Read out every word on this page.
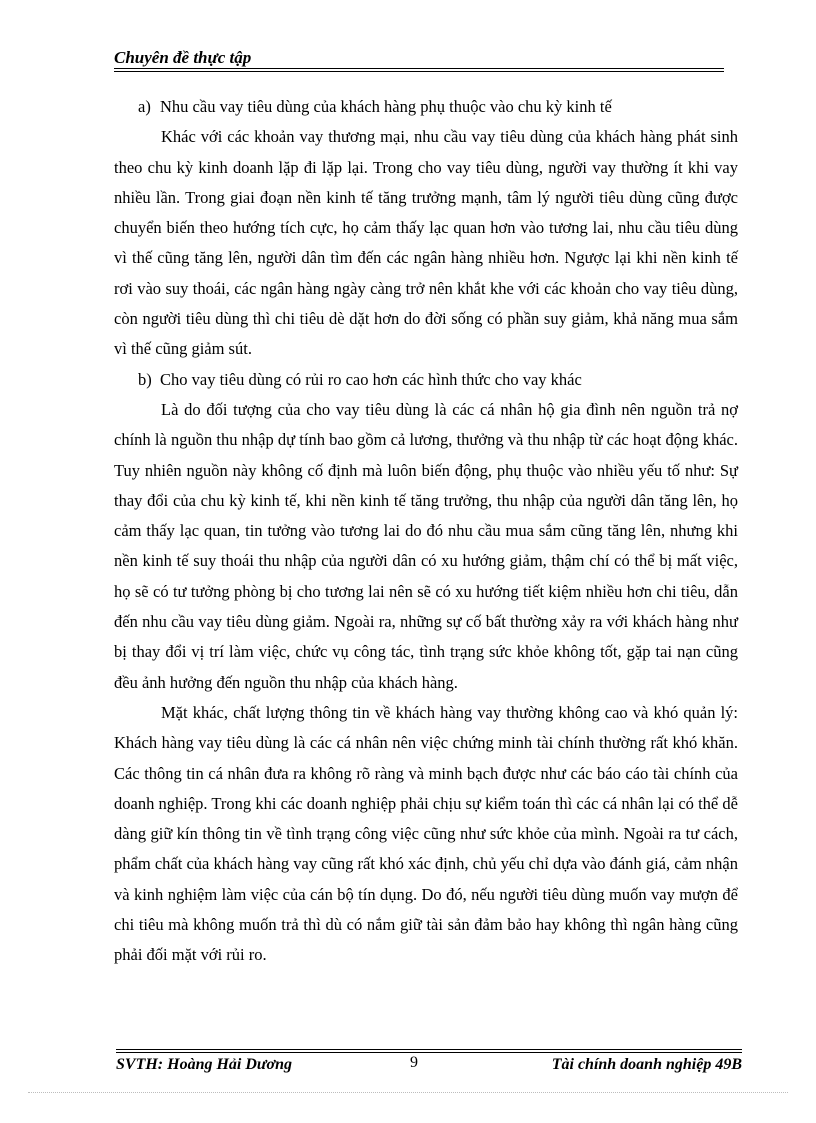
Chuyên đề thực tập

a) Nhu cầu vay tiêu dùng của khách hàng phụ thuộc vào chu kỳ kinh tế

Khác với các khoản vay thương mại, nhu cầu vay tiêu dùng của khách hàng phát sinh theo chu kỳ kinh doanh lặp đi lặp lại. Trong cho vay tiêu dùng, người vay thường ít khi vay nhiều lần. Trong giai đoạn nền kinh tế tăng trưởng mạnh, tâm lý người tiêu dùng cũng được chuyển biến theo hướng tích cực, họ cảm thấy lạc quan hơn vào tương lai, nhu cầu tiêu dùng vì thế cũng tăng lên, người dân tìm đến các ngân hàng nhiều hơn. Ngược lại khi nền kinh tế rơi vào suy thoái, các ngân hàng ngày càng trở nên khắt khe với các khoản cho vay tiêu dùng, còn người tiêu dùng thì chi tiêu dè dặt hơn do đời sống có phần suy giảm, khả năng mua sắm vì thế cũng giảm sút.

b) Cho vay tiêu dùng có rủi ro cao hơn các hình thức cho vay khác

Là do đối tượng của cho vay tiêu dùng là các cá nhân hộ gia đình nên nguồn trả nợ chính là nguồn thu nhập dự tính bao gồm cả lương, thưởng và thu nhập từ các hoạt động khác. Tuy nhiên nguồn này không cố định mà luôn biến động, phụ thuộc vào nhiều yếu tố như: Sự thay đổi của chu kỳ kinh tế, khi nền kinh tế tăng trưởng, thu nhập của người dân tăng lên, họ cảm thấy lạc quan, tin tưởng vào tương lai do đó nhu cầu mua sắm cũng tăng lên, nhưng khi nền kinh tế suy thoái thu nhập của người dân có xu hướng giảm, thậm chí có thể bị mất việc, họ sẽ có tư tưởng phòng bị cho tương lai nên sẽ có xu hướng tiết kiệm nhiều hơn chi tiêu, dẫn đến nhu cầu vay tiêu dùng giảm. Ngoài ra, những sự cố bất thường xảy ra với khách hàng như bị thay đổi vị trí làm việc, chức vụ công tác, tình trạng sức khỏe không tốt, gặp tai nạn cũng đều ảnh hưởng đến nguồn thu nhập của khách hàng.

Mặt khác, chất lượng thông tin về khách hàng vay thường không cao và khó quản lý: Khách hàng vay tiêu dùng là các cá nhân nên việc chứng minh tài chính thường rất khó khăn. Các thông tin cá nhân đưa ra không rõ ràng và minh bạch được như các báo cáo tài chính của doanh nghiệp. Trong khi các doanh nghiệp phải chịu sự kiểm toán thì các cá nhân lại có thể dễ dàng giữ kín thông tin về tình trạng công việc cũng như sức khỏe của mình. Ngoài ra tư cách, phẩm chất của khách hàng vay cũng rất khó xác định, chủ yếu chỉ dựa vào đánh giá, cảm nhận và kinh nghiệm làm việc của cán bộ tín dụng. Do đó, nếu người tiêu dùng muốn vay mượn để chi tiêu mà không muốn trả thì dù có nắm giữ tài sản đảm bảo hay không thì ngân hàng cũng phải đối mặt với rủi ro.

SVTH: Hoàng Hải Dương	9	Tài chính doanh nghiệp 49B
